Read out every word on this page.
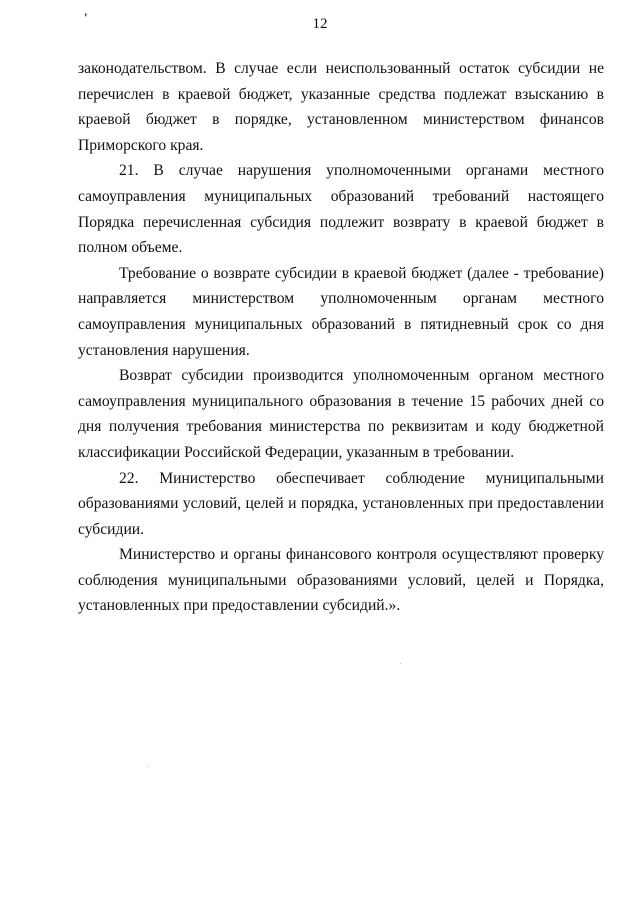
'	12

законодательством. В случае если неиспользованный остаток субсидии не перечислен в краевой бюджет, указанные средства подлежат взысканию в краевой бюджет в порядке, установленном министерством финансов Приморского края.

21. В случае нарушения уполномоченными органами местного самоуправления муниципальных образований требований настоящего Порядка перечисленная субсидия подлежит возврату в краевой бюджет в полном объеме.

Требование о возврате субсидии в краевой бюджет (далее - требование) направляется министерством уполномоченным органам местного самоуправления муниципальных образований в пятидневный срок со дня установления нарушения.

Возврат субсидии производится уполномоченным органом местного самоуправления муниципального образования в течение 15 рабочих дней со дня получения требования министерства по реквизитам и коду бюджетной классификации Российской Федерации, указанным в требовании.

22. Министерство обеспечивает соблюдение муниципальными образованиями условий, целей и порядка, установленных при предоставлении субсидии.

Министерство и органы финансового контроля осуществляют проверку соблюдения муниципальными образованиями условий, целей и Порядка, установленных при предоставлении субсидий.».
